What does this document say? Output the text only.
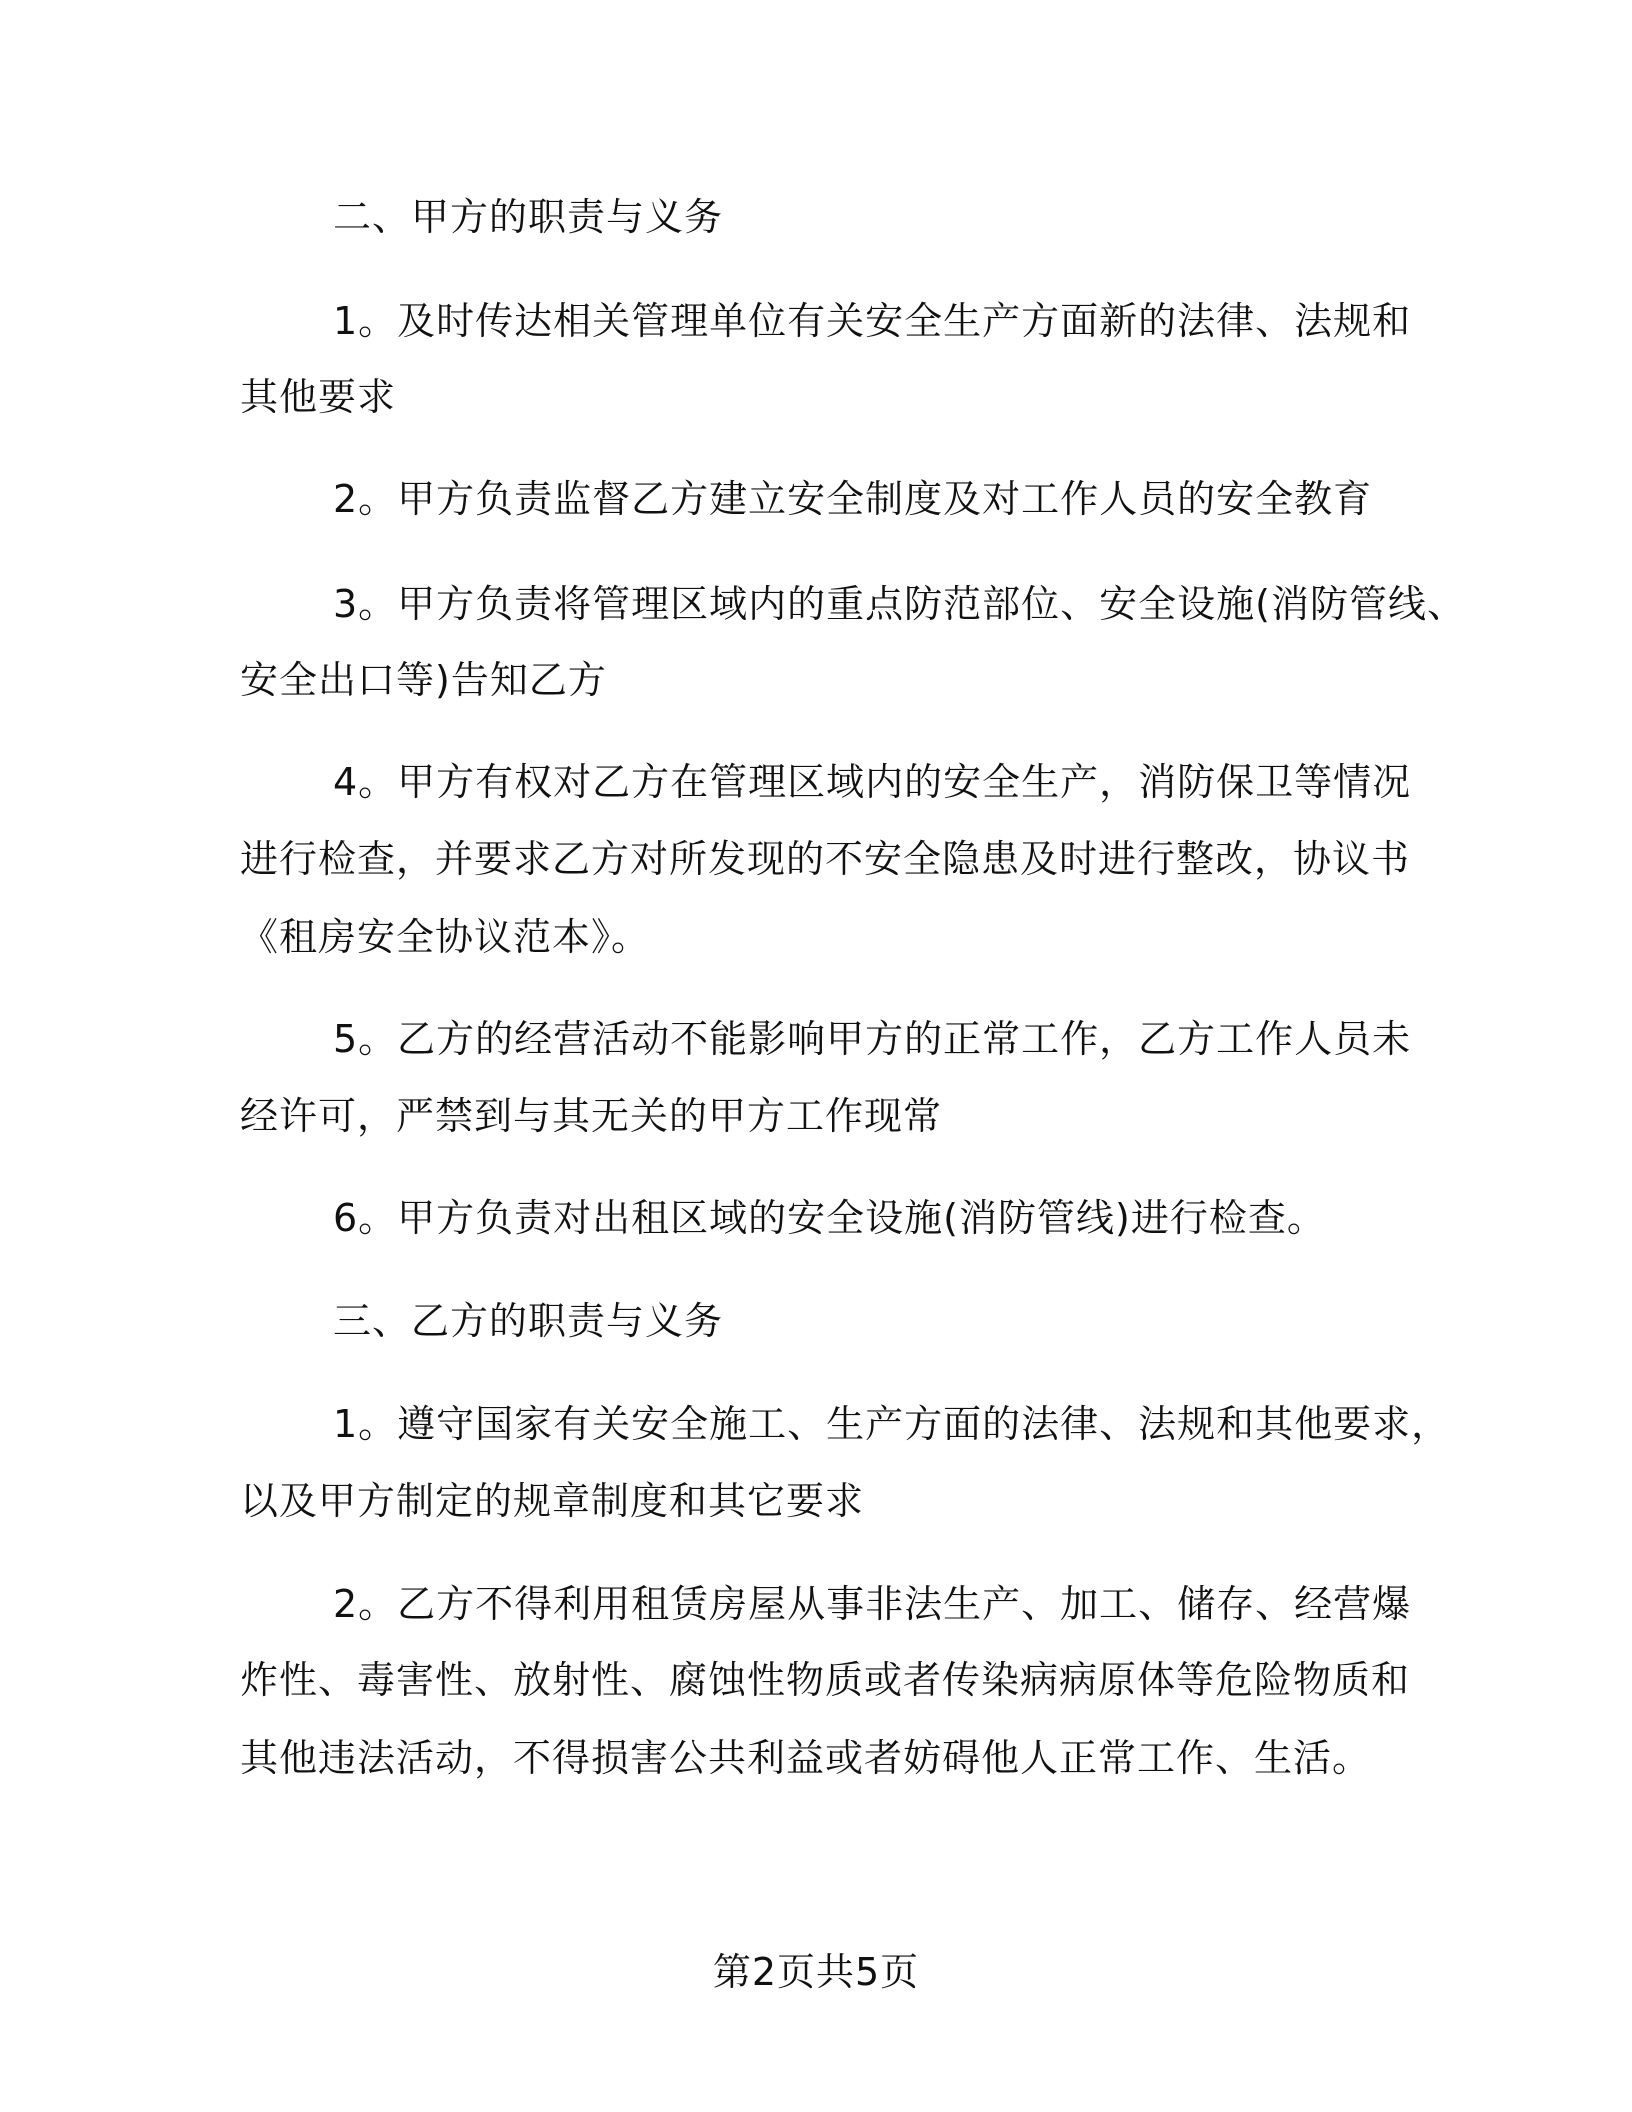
二、甲方的职责与义务
1。及时传达相关管理单位有关安全生产方面新的法律、法规和
其他要求
2。甲方负责监督乙方建立安全制度及对工作人员的安全教育
3。甲方负责将管理区域内的重点防范部位、安全设施(消防管线、
安全出口等)告知乙方
4。甲方有权对乙方在管理区域内的安全生产，消防保卫等情况
进行检查，并要求乙方对所发现的不安全隐患及时进行整改，协议书
《租房安全协议范本》。
5。乙方的经营活动不能影响甲方的正常工作，乙方工作人员未
经许可，严禁到与其无关的甲方工作现常
6。甲方负责对出租区域的安全设施(消防管线)进行检查。
三、乙方的职责与义务
1。遵守国家有关安全施工、生产方面的法律、法规和其他要求，
以及甲方制定的规章制度和其它要求
2。乙方不得利用租赁房屋从事非法生产、加工、储存、经营爆
炸性、毒害性、放射性、腐蚀性物质或者传染病病原体等危险物质和
其他违法活动，不得损害公共利益或者妨碍他人正常工作、生活。
第2页共5页
